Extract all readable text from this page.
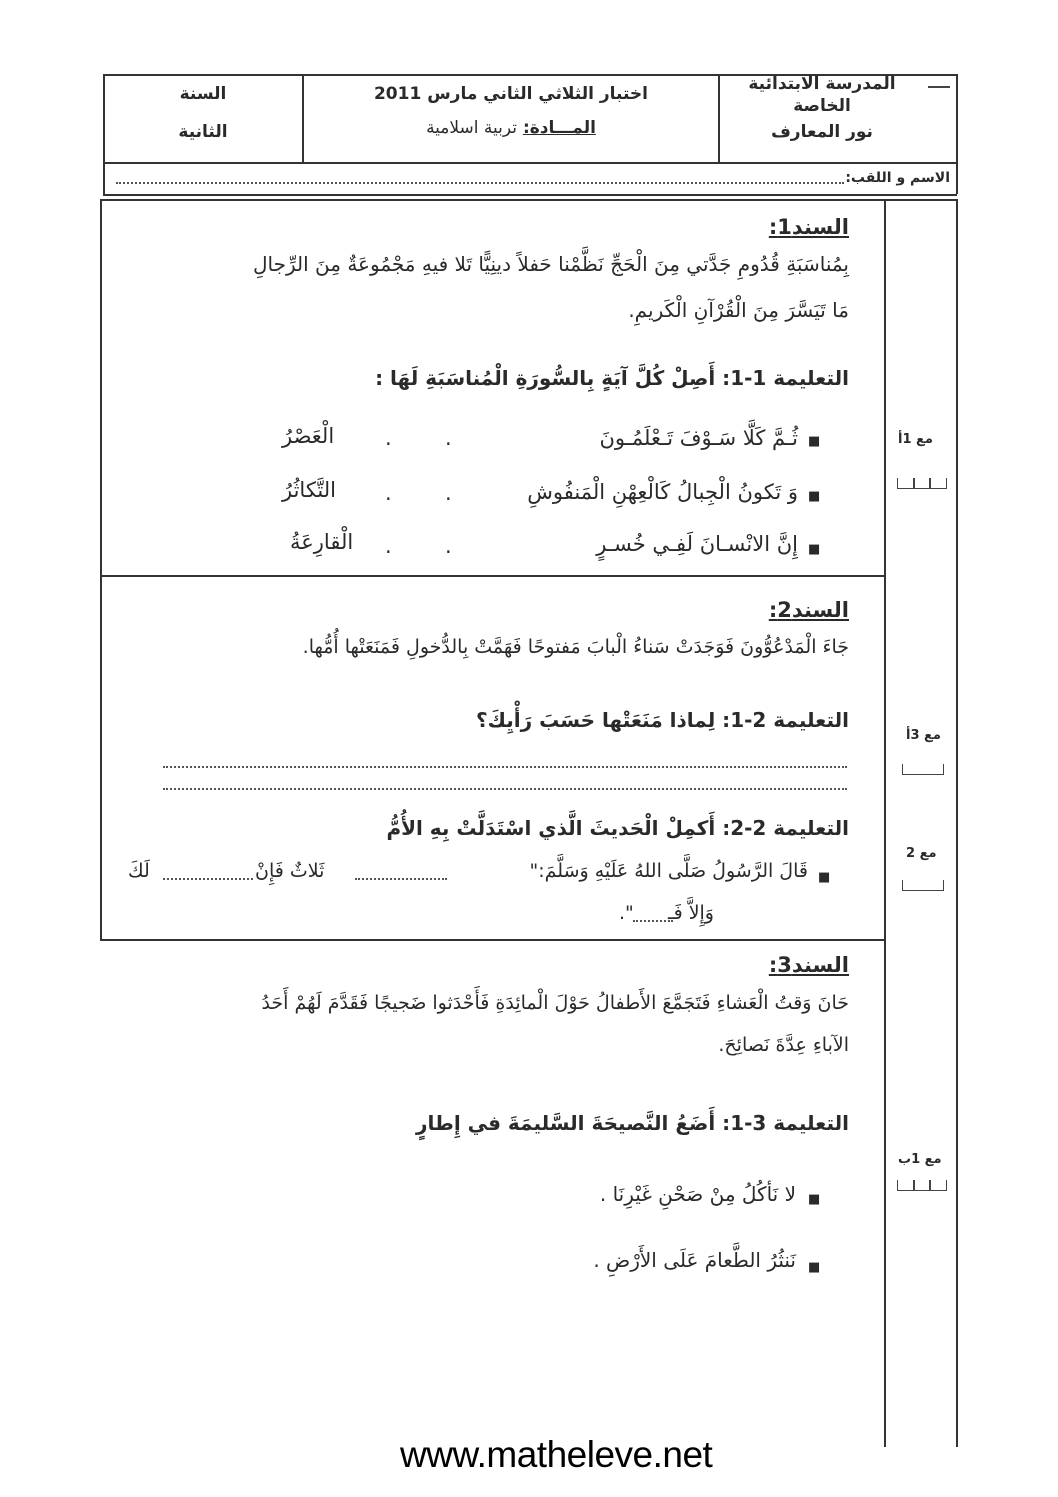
السنة
الثانية
اختبار الثلاثي الثاني مارس 2011
المـــادة: تربية اسلامية
المدرسة الابتدائية
الخاصة
نور المعارف
الاسم و اللقب:
السند1:
بِمُناسَبَةِ قُدُومِ جَدَّتي مِنَ الْحَجِّ نَظَّمْنا حَفلاً دينِيًّا تَلا فيهِ مَجْمُوعَةٌ مِنَ الرِّجالِ
مَا تَيَسَّرَ مِنَ الْقُرْآنِ الْكَريمِ.
التعليمة 1-1: أَصِلْ كُلَّ آيَةٍ بِالسُّورَةِ الْمُناسَبَةِ لَهَا :
■
ثُـمَّ كَلَّا سَـوْفَ تَـعْلَمُـونَ
.
.
الْعَصْرُ
■
وَ تَكونُ الْجِبالُ كَالْعِهْنِ الْمَنفُوشِ
.
.
التَّكاثُرُ
■
إِنَّ الانْسـانَ لَفِـي خُسـرٍ
.
.
الْقارِعَةُ
مع 1أ
السند2:
جَاءَ الْمَدْعُوُّونَ فَوَجَدَتْ سَناءُ الْبابَ مَفتوحًا فَهَمَّتْ بِالدُّخولِ فَمَنَعَتْها أُمُّها.
التعليمة 2-1: لِماذا مَنَعَتْها حَسَبَ رَأْيِكَ؟
مع 3أ
التعليمة 2-2: أَكمِلْ الْحَديثَ الَّذي اسْتَدَلَّتْ بِهِ الأُمُّ
■
قَالَ الرَّسُولُ صَلَّى اللهُ عَلَيْهِ وَسَلَّمَ:"
ثَلاثٌ فَإِنْ
لَكَ
وَإِلاَّ فَـ
".
مع 2
السند3:
حَانَ وَقتُ الْعَشاءِ فَتَجَمَّعَ الأَطفالُ حَوْلَ الْمائِدَةِ فَأَحْدَثوا ضَجيجًا فَقَدَّمَ لَهُمْ أَحَدُ
الآباءِ عِدَّةَ نَصائِحَ.
التعليمة 3-1: أَضَعُ النَّصيحَةَ السَّليمَةَ في إِطارٍ
■
لا نَأكُلُ مِنْ صَحْنِ غَيْرِنَا .
■
نَنثُرُ الطَّعامَ عَلَى الأَرْضِ .
مع 1ب
www.matheleve.net
